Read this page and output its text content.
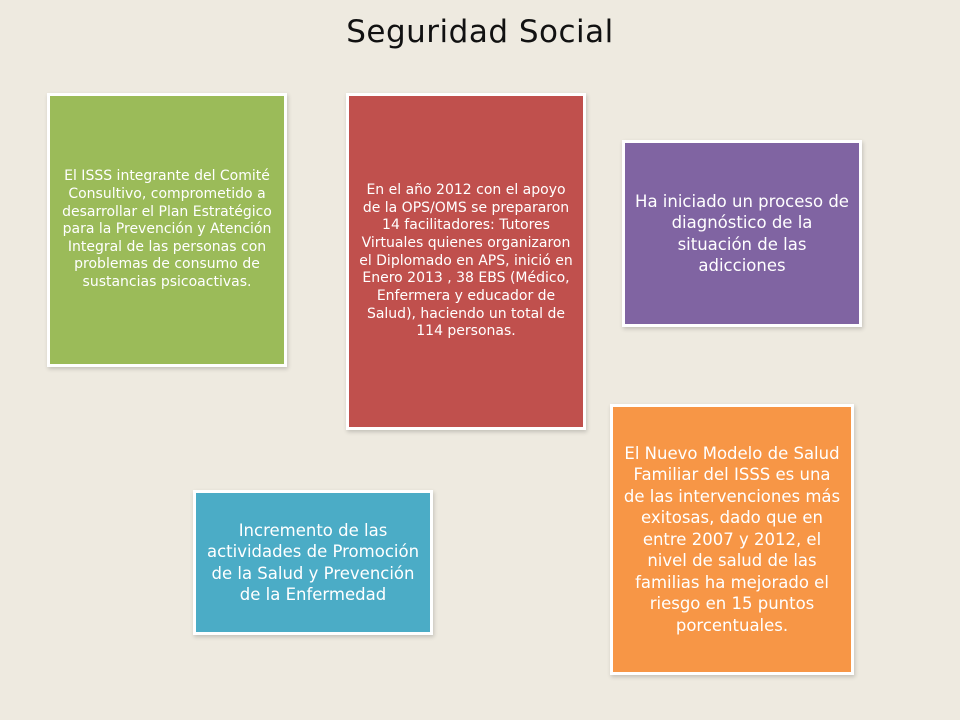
Seguridad Social
El ISSS integrante del Comité Consultivo, comprometido a desarrollar el Plan Estratégico para la Prevención y Atención Integral de las personas con problemas de consumo de sustancias psicoactivas.
En el año 2012 con el apoyo de la OPS/OMS se prepararon 14 facilitadores: Tutores Virtuales quienes organizaron el Diplomado en APS, inició en Enero 2013 , 38 EBS (Médico, Enfermera y educador de Salud), haciendo un total de 114 personas.
Ha iniciado un proceso de diagnóstico de la situación de las adicciones
Incremento de las actividades de Promoción de la Salud y Prevención de la Enfermedad
El Nuevo Modelo de Salud Familiar del ISSS es una de las intervenciones más exitosas, dado que en entre 2007 y 2012, el nivel de salud de las familias ha mejorado el riesgo en 15 puntos porcentuales.
